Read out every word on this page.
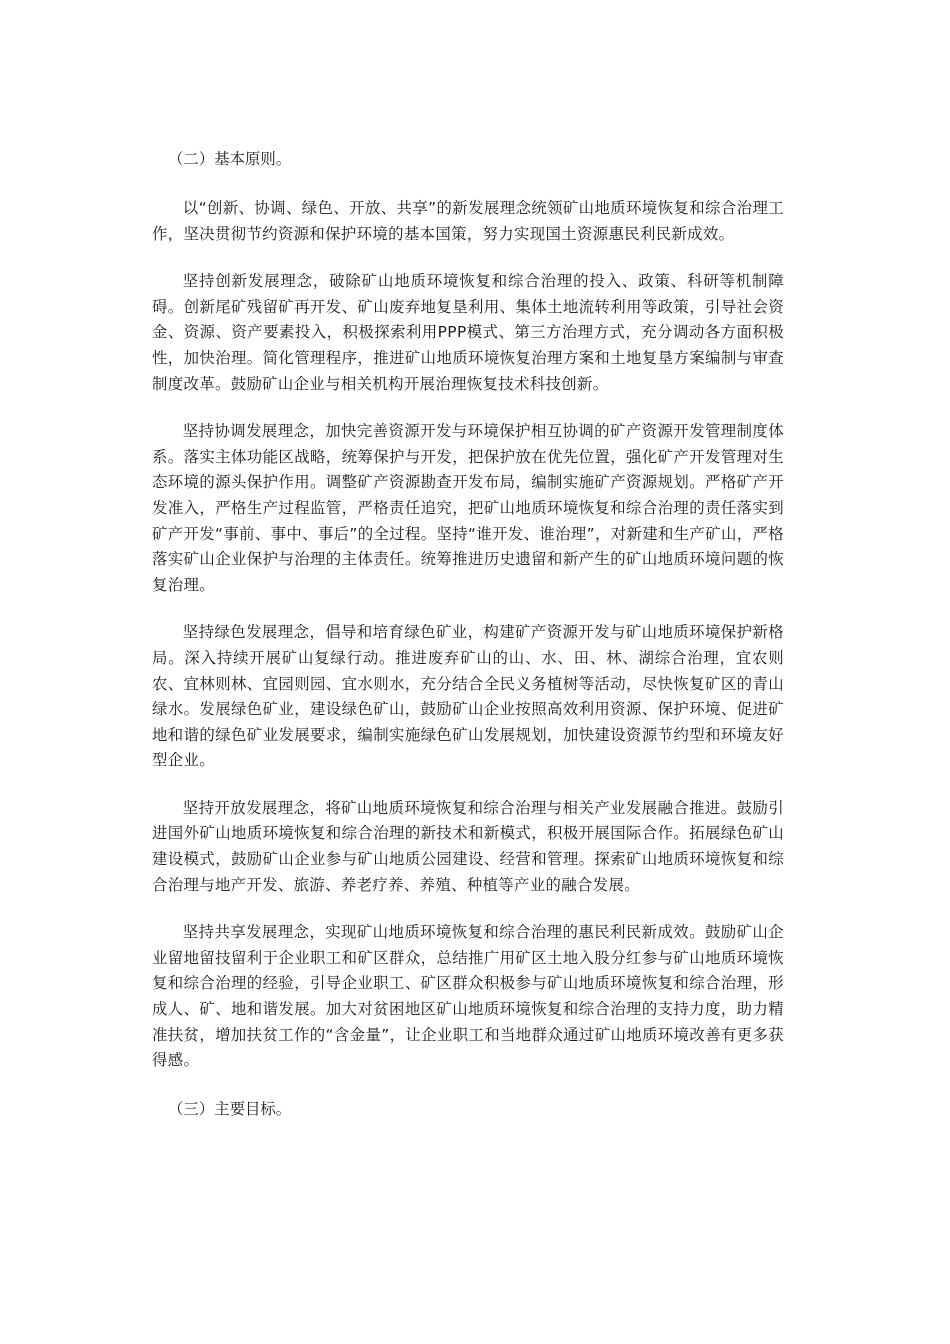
（二）基本原则。

以“创新、协调、绿色、开放、共享”的新发展理念统领矿山地质环境恢复和综合治理工作，坚决贯彻节约资源和保护环境的基本国策，努力实现国土资源惠民利民新成效。

坚持创新发展理念，破除矿山地质环境恢复和综合治理的投入、政策、科研等机制障碍。创新尾矿残留矿再开发、矿山废弃地复垦利用、集体土地流转利用等政策，引导社会资金、资源、资产要素投入，积极探索利用PPP模式、第三方治理方式，充分调动各方面积极性，加快治理。简化管理程序，推进矿山地质环境恢复治理方案和土地复垦方案编制与审查制度改革。鼓励矿山企业与相关机构开展治理恢复技术科技创新。

坚持协调发展理念，加快完善资源开发与环境保护相互协调的矿产资源开发管理制度体系。落实主体功能区战略，统筹保护与开发，把保护放在优先位置，强化矿产开发管理对生态环境的源头保护作用。调整矿产资源勘查开发布局，编制实施矿产资源规划。严格矿产开发准入，严格生产过程监管，严格责任追究，把矿山地质环境恢复和综合治理的责任落实到矿产开发“事前、事中、事后”的全过程。坚持“谁开发、谁治理”，对新建和生产矿山，严格落实矿山企业保护与治理的主体责任。统筹推进历史遗留和新产生的矿山地质环境问题的恢复治理。

坚持绿色发展理念，倡导和培育绿色矿业，构建矿产资源开发与矿山地质环境保护新格局。深入持续开展矿山复绿行动。推进废弃矿山的山、水、田、林、湖综合治理，宜农则农、宜林则林、宜园则园、宜水则水，充分结合全民义务植树等活动，尽快恢复矿区的青山绿水。发展绿色矿业，建设绿色矿山，鼓励矿山企业按照高效利用资源、保护环境、促进矿地和谐的绿色矿业发展要求，编制实施绿色矿山发展规划，加快建设资源节约型和环境友好型企业。

坚持开放发展理念，将矿山地质环境恢复和综合治理与相关产业发展融合推进。鼓励引进国外矿山地质环境恢复和综合治理的新技术和新模式，积极开展国际合作。拓展绿色矿山建设模式，鼓励矿山企业参与矿山地质公园建设、经营和管理。探索矿山地质环境恢复和综合治理与地产开发、旅游、养老疗养、养殖、种植等产业的融合发展。

坚持共享发展理念，实现矿山地质环境恢复和综合治理的惠民利民新成效。鼓励矿山企业留地留技留利于企业职工和矿区群众，总结推广用矿区土地入股分红参与矿山地质环境恢复和综合治理的经验，引导企业职工、矿区群众积极参与矿山地质环境恢复和综合治理，形成人、矿、地和谐发展。加大对贫困地区矿山地质环境恢复和综合治理的支持力度，助力精准扶贫，增加扶贫工作的“含金量”，让企业职工和当地群众通过矿山地质环境改善有更多获得感。

（三）主要目标。
